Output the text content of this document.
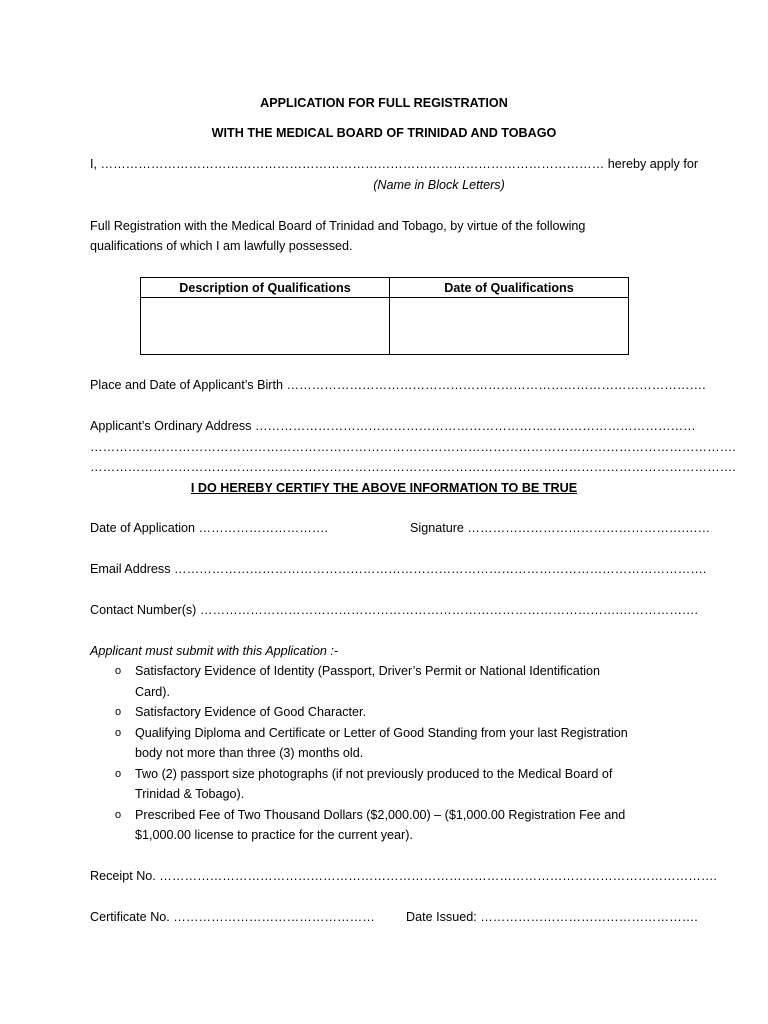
APPLICATION FOR FULL REGISTRATION
WITH THE MEDICAL BOARD OF TRINIDAD AND TOBAGO
I, ………………………………………………………………………………………………………… hereby apply for
(Name in Block Letters)
Full Registration with the Medical Board of Trinidad and Tobago, by virtue of the following
qualifications of which I am lawfully possessed.
Description of Qualifications	Date of Qualifications

Place and Date of Applicant’s Birth ……………………………………………………………………………………….
Applicant’s Ordinary Address ……………………………………………………………………………………………
……………………………………………………………………………………………………………………………………….
……………………………………………………………………………………………………………………………………….
I DO HEREBY CERTIFY THE ABOVE INFORMATION TO BE TRUE
Date of Application ………………………….	Signature …………………………………………….……
Email Address ……………………………………………………………………………………………………………….
Contact Number(s) ……………………………………………………………………………………….……………….
Applicant must submit with this Application :-
o Satisfactory Evidence of Identity (Passport, Driver’s Permit or National Identification
Card).
o Satisfactory Evidence of Good Character.
o Qualifying Diploma and Certificate or Letter of Good Standing from your last Registration
body not more than three (3) months old.
o Two (2) passport size photographs (if not previously produced to the Medical Board of
Trinidad & Tobago).
o Prescribed Fee of Two Thousand Dollars ($2,000.00) – ($1,000.00 Registration Fee and
$1,000.00 license to practice for the current year).
Receipt No. …………………………………………………………………………………………………………………….
Certificate No. ………………………………………… Date Issued: …………………………………………….
